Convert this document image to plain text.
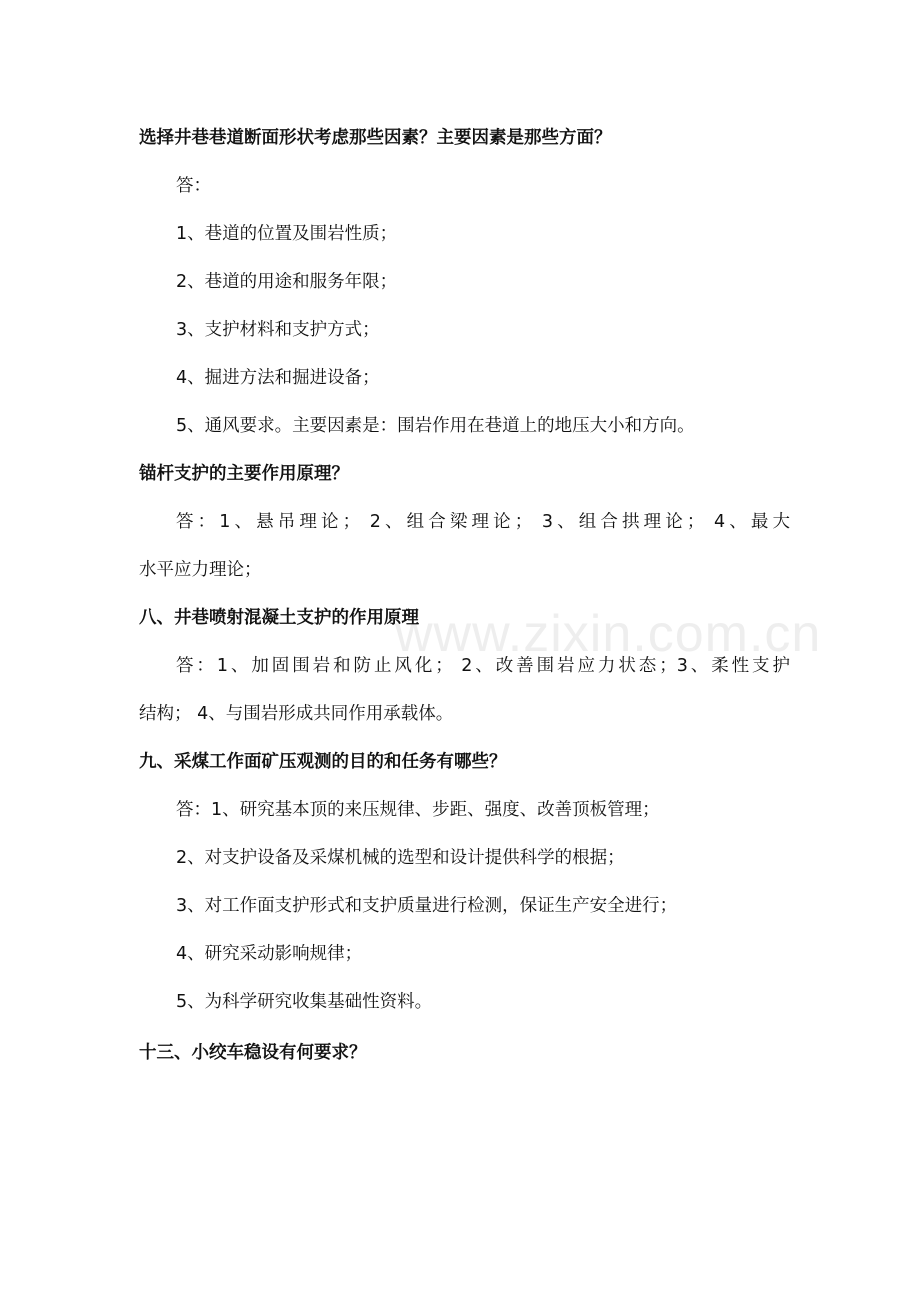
www.zixin.com.cn
选择井巷巷道断面形状考虑那些因素？主要因素是那些方面？
答：
1、巷道的位置及围岩性质；
2、巷道的用途和服务年限；
3、支护材料和支护方式；
4、掘进方法和掘进设备；
5、通风要求。主要因素是：围岩作用在巷道上的地压大小和方向。
锚杆支护的主要作用原理？
答：1、悬吊理论； 2、组合梁理论； 3、组合拱理论； 4、最大
水平应力理论；
八、井巷喷射混凝土支护的作用原理
答：1、加固围岩和防止风化； 2、改善围岩应力状态；3、柔性支护
结构； 4、与围岩形成共同作用承载体。
九、采煤工作面矿压观测的目的和任务有哪些？
答：1、研究基本顶的来压规律、步距、强度、改善顶板管理；
2、对支护设备及采煤机械的选型和设计提供科学的根据；
3、对工作面支护形式和支护质量进行检测，保证生产安全进行；
4、研究采动影响规律；
5、为科学研究收集基础性资料。
十三、小绞车稳设有何要求？
